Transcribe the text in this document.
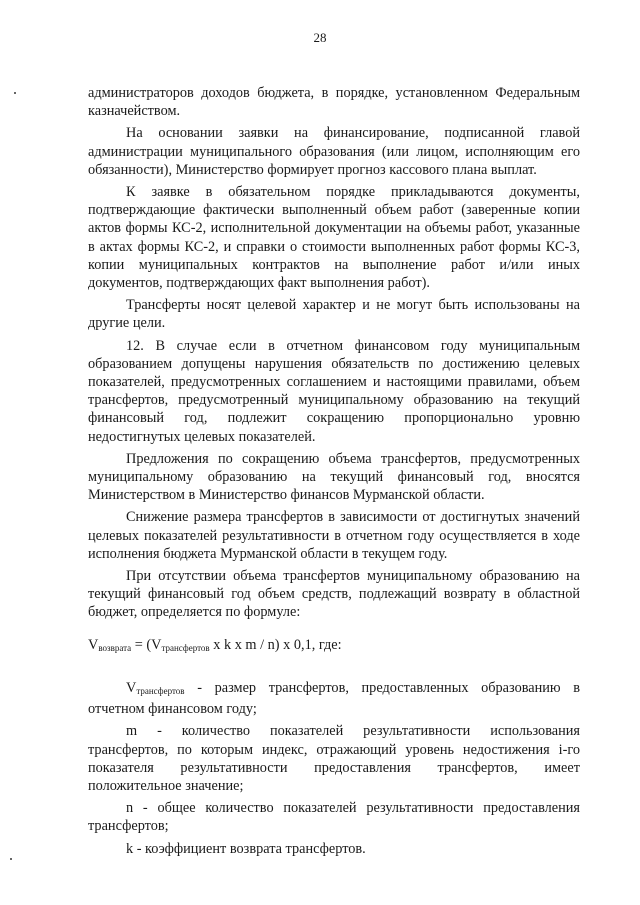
28

администраторов доходов бюджета, в порядке, установленном Федеральным казначейством.

На основании заявки на финансирование, подписанной главой администрации муниципального образования (или лицом, исполняющим его обязанности), Министерство формирует прогноз кассового плана выплат.

К заявке в обязательном порядке прикладываются документы, подтверждающие фактически выполненный объем работ (заверенные копии актов формы КС-2, исполнительной документации на объемы работ, указанные в актах формы КС-2, и справки о стоимости выполненных работ формы КС-3, копии муниципальных контрактов на выполнение работ и/или иных документов, подтверждающих факт выполнения работ).

Трансферты носят целевой характер и не могут быть использованы на другие цели.

12. В случае если в отчетном финансовом году муниципальным образованием допущены нарушения обязательств по достижению целевых показателей, предусмотренных соглашением и настоящими правилами, объем трансфертов, предусмотренный муниципальному образованию на текущий финансовый год, подлежит сокращению пропорционально уровню недостигнутых целевых показателей.

Предложения по сокращению объема трансфертов, предусмотренных муниципальному образованию на текущий финансовый год, вносятся Министерством в Министерство финансов Мурманской области.

Снижение размера трансфертов в зависимости от достигнутых значений целевых показателей результативности в отчетном году осуществляется в ходе исполнения бюджета Мурманской области в текущем году.

При отсутствии объема трансфертов муниципальному образованию на текущий финансовый год объем средств, подлежащий возврату в областной бюджет, определяется по формуле:

$V_{возврата} = (V_{трансфертов}$ x k x m / n) x 0,1, где:

$V_{трансфертов}$ - размер трансфертов, предоставленных образованию в отчетном финансовом году;

m - количество показателей результативности использования трансфертов, по которым индекс, отражающий уровень недостижения i-го показателя результативности предоставления трансфертов, имеет положительное значение;

n - общее количество показателей результативности предоставления трансфертов;

k - коэффициент возврата трансфертов.
